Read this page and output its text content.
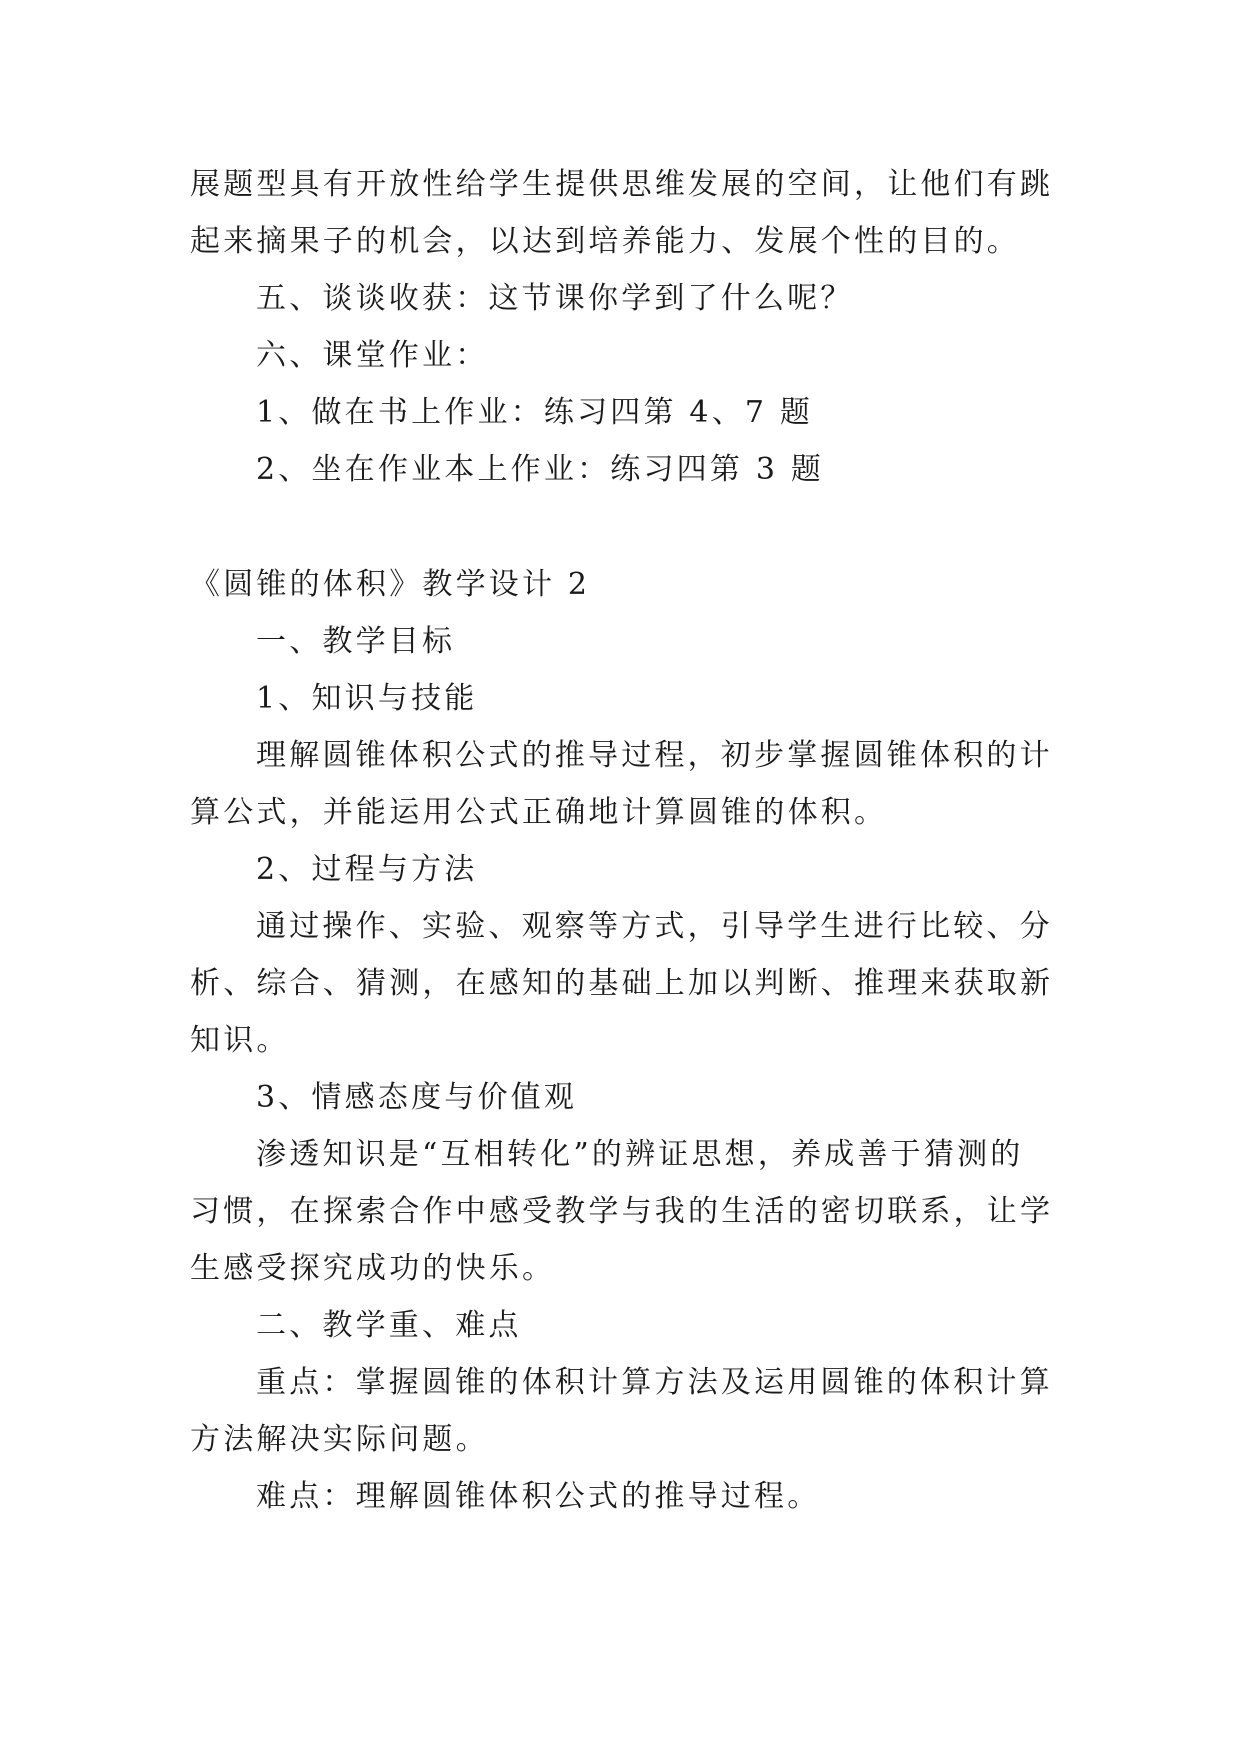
展题型具有开放性给学生提供思维发展的空间，让他们有跳
起来摘果子的机会，以达到培养能力、发展个性的目的。
五、谈谈收获：这节课你学到了什么呢？
六、课堂作业：
1、做在书上作业：练习四第 4、7 题
2、坐在作业本上作业：练习四第 3 题
《圆锥的体积》教学设计 2
一、教学目标
1、知识与技能
理解圆锥体积公式的推导过程，初步掌握圆锥体积的计
算公式，并能运用公式正确地计算圆锥的体积。
2、过程与方法
通过操作、实验、观察等方式，引导学生进行比较、分
析、综合、猜测，在感知的基础上加以判断、推理来获取新
知识。
3、情感态度与价值观
渗透知识是“互相转化”的辨证思想，养成善于猜测的
习惯，在探索合作中感受教学与我的生活的密切联系，让学
生感受探究成功的快乐。
二、教学重、难点
重点：掌握圆锥的体积计算方法及运用圆锥的体积计算
方法解决实际问题。
难点：理解圆锥体积公式的推导过程。
